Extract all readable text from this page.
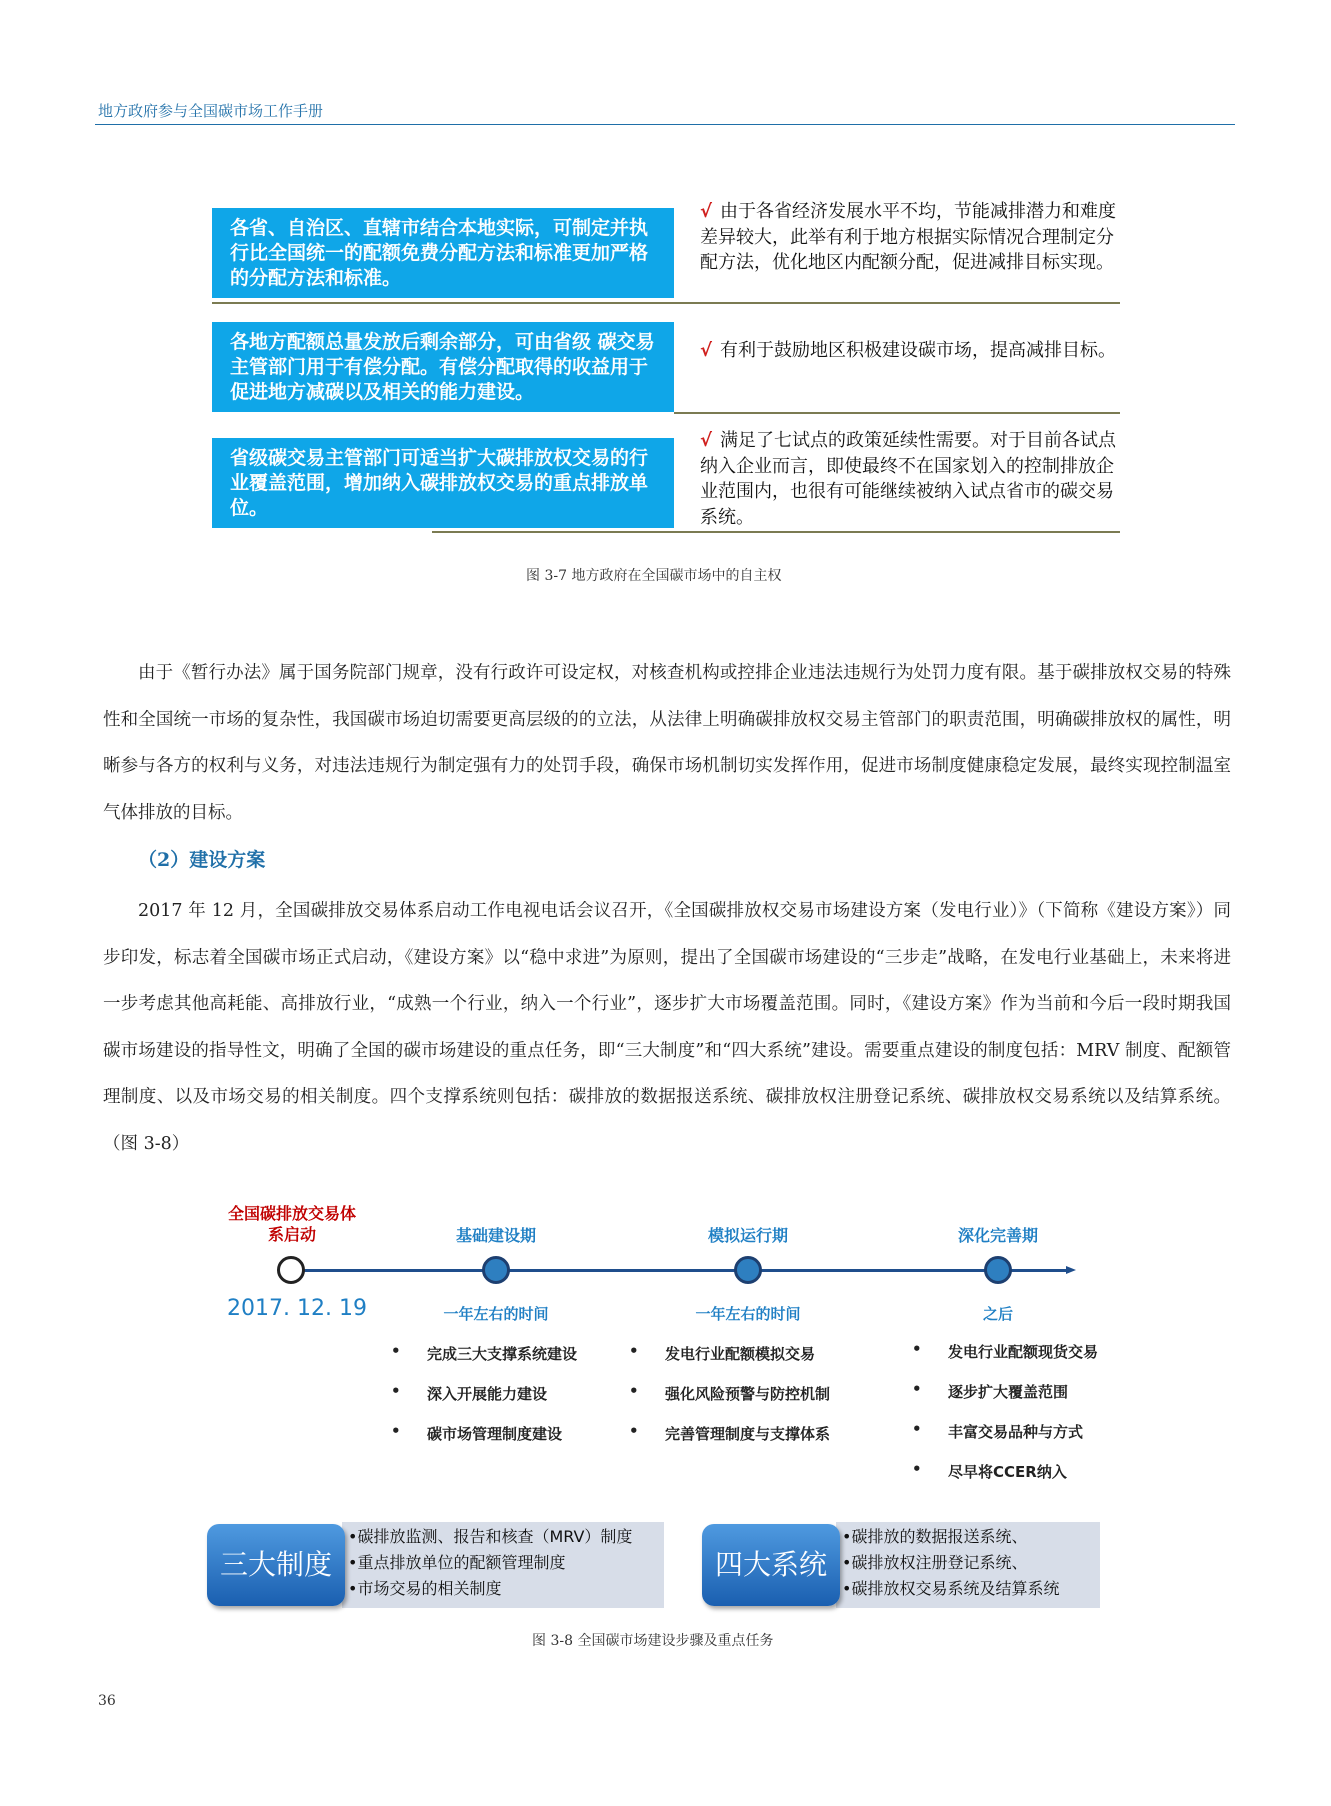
地方政府参与全国碳市场工作手册
各省、自治区、直辖市结合本地实际，可制定并执行比全国统一的配额免费分配方法和标准更加严格的分配方法和标准。
√ 由于各省经济发展水平不均，节能减排潜力和难度差异较大，此举有利于地方根据实际情况合理制定分配方法，优化地区内配额分配，促进减排目标实现。
各地方配额总量发放后剩余部分，可由省级 碳交易主管部门用于有偿分配。有偿分配取得的收益用于促进地方减碳以及相关的能力建设。
√ 有利于鼓励地区积极建设碳市场，提高减排目标。
省级碳交易主管部门可适当扩大碳排放权交易的行业覆盖范围，增加纳入碳排放权交易的重点排放单位。
√ 满足了七试点的政策延续性需要。对于目前各试点纳入企业而言，即使最终不在国家划入的控制排放企业范围内，也很有可能继续被纳入试点省市的碳交易系统。
图 3-7 地方政府在全国碳市场中的自主权
由于《暂行办法》属于国务院部门规章，没有行政许可设定权，对核查机构或控排企业违法违规行为处罚力度有限。基于碳排放权交易的特殊性和全国统一市场的复杂性，我国碳市场迫切需要更高层级的的立法，从法律上明确碳排放权交易主管部门的职责范围，明确碳排放权的属性，明晰参与各方的权利与义务，对违法违规行为制定强有力的处罚手段，确保市场机制切实发挥作用，促进市场制度健康稳定发展，最终实现控制温室气体排放的目标。
（2）建设方案
2017 年 12 月，全国碳排放交易体系启动工作电视电话会议召开，《全国碳排放权交易市场建设方案（发电行业）》（下简称《建设方案》）同步印发，标志着全国碳市场正式启动，《建设方案》以“稳中求进”为原则，提出了全国碳市场建设的“三步走”战略，在发电行业基础上，未来将进一步考虑其他高耗能、高排放行业，“成熟一个行业，纳入一个行业”，逐步扩大市场覆盖范围。同时，《建设方案》作为当前和今后一段时期我国碳市场建设的指导性文，明确了全国的碳市场建设的重点任务，即“三大制度”和“四大系统”建设。需要重点建设的制度包括：MRV 制度、配额管理制度、以及市场交易的相关制度。四个支撑系统则包括：碳排放的数据报送系统、碳排放权注册登记系统、碳排放权交易系统以及结算系统。（图 3-8）
全国碳排放交易体
系启动	基础建设期	模拟运行期	深化完善期
2017. 12. 19	一年左右的时间	一年左右的时间	之后
• 完成三大支撑系统建设
• 深入开展能力建设
• 碳市场管理制度建设
• 发电行业配额模拟交易
• 强化风险预警与防控机制
• 完善管理制度与支撑体系
• 发电行业配额现货交易
• 逐步扩大覆盖范围
• 丰富交易品种与方式
• 尽早将CCER纳入
•碳排放监测、报告和核查（MRV）制度
•重点排放单位的配额管理制度
•市场交易的相关制度
三大制度
•碳排放的数据报送系统、
•碳排放权注册登记系统、
•碳排放权交易系统及结算系统
四大系统
图 3-8 全国碳市场建设步骤及重点任务
36
